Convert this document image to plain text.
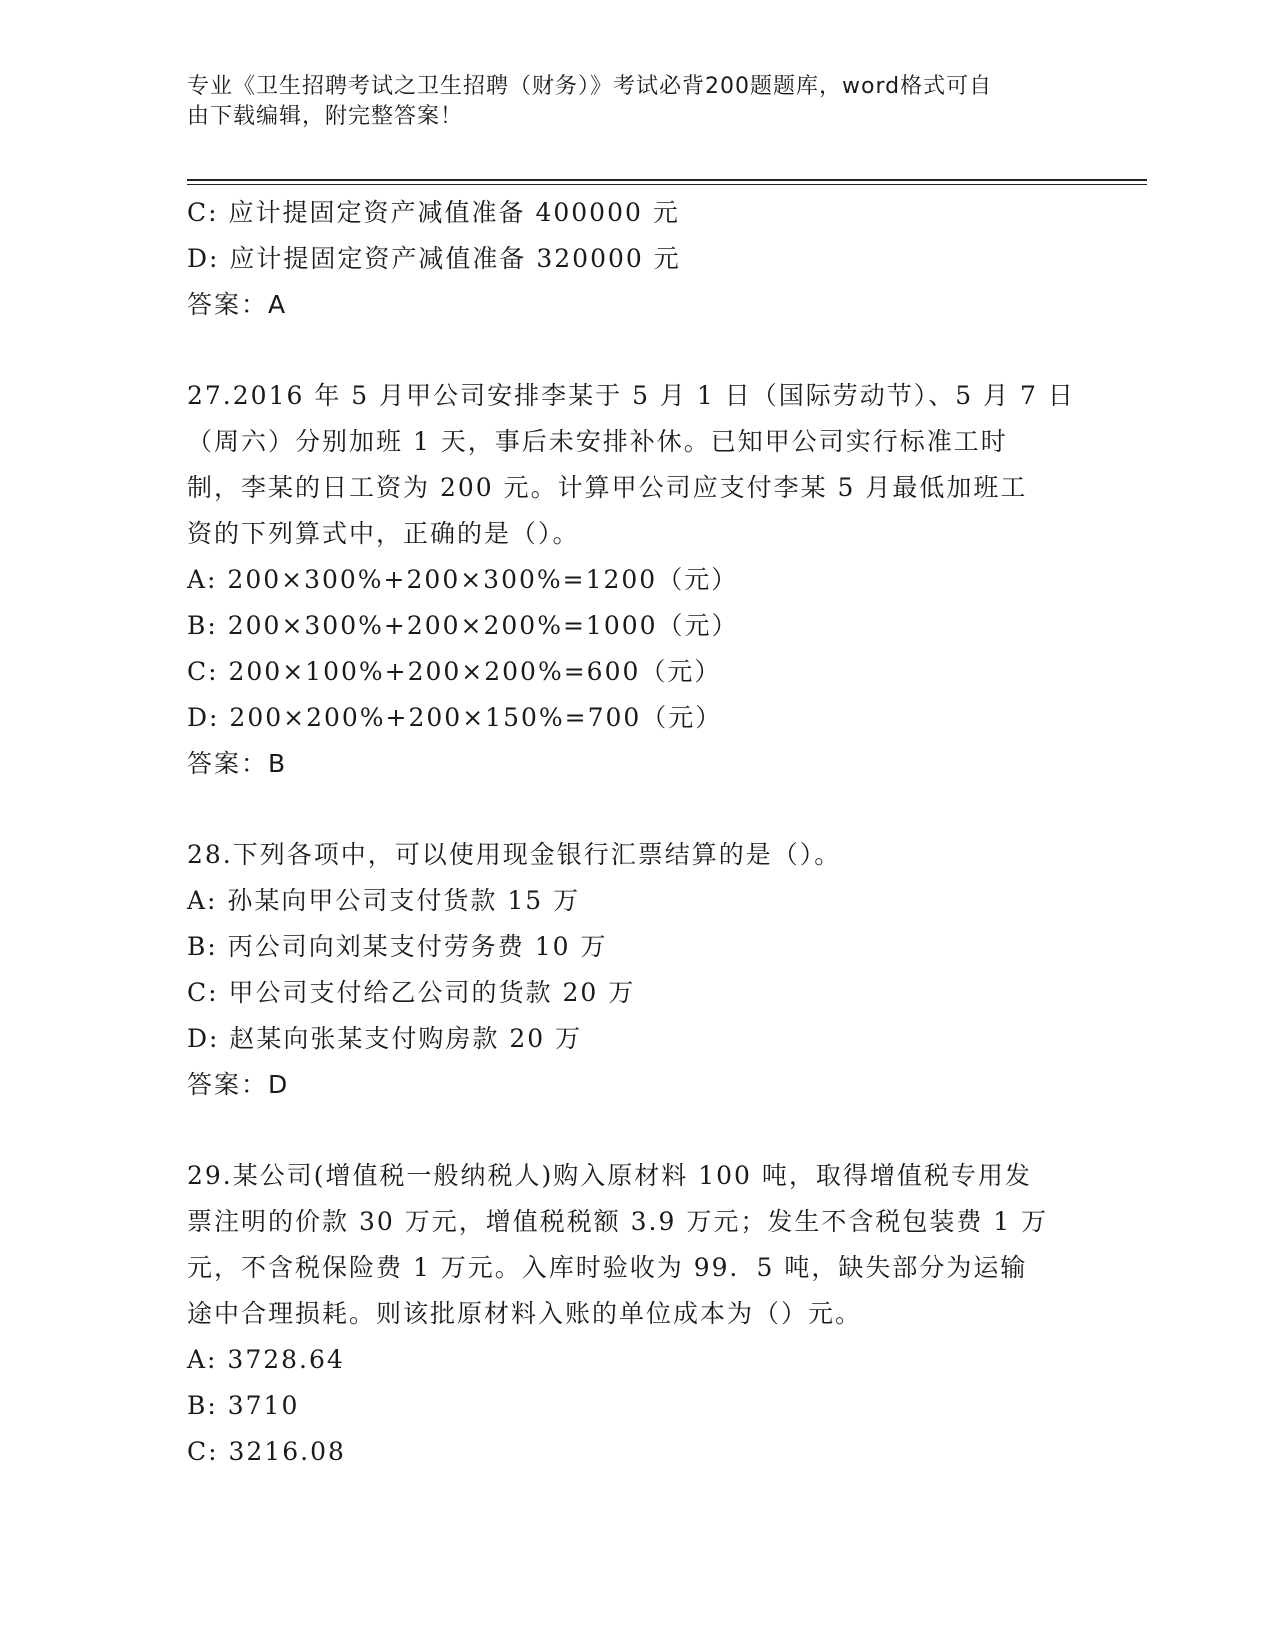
专业《卫生招聘考试之卫生招聘（财务）》考试必背200题题库，word格式可自
由下载编辑，附完整答案！
C: 应计提固定资产减值准备 400000 元
D: 应计提固定资产减值准备 320000 元
答案：A
27.2016 年 5 月甲公司安排李某于 5 月 1 日（国际劳动节）、5 月 7 日
（周六）分别加班 1 天，事后未安排补休。已知甲公司实行标准工时
制，李某的日工资为 200 元。计算甲公司应支付李某 5 月最低加班工
资的下列算式中，正确的是（）。
A: 200×300%+200×300%=1200（元）
B: 200×300%+200×200%=1000（元）
C: 200×100%+200×200%=600（元）
D: 200×200%+200×150%=700（元）
答案：B
28.下列各项中，可以使用现金银行汇票结算的是（）。
A: 孙某向甲公司支付货款 15 万
B: 丙公司向刘某支付劳务费 10 万
C: 甲公司支付给乙公司的货款 20 万
D: 赵某向张某支付购房款 20 万
答案：D
29.某公司(增值税一般纳税人)购入原材料 100 吨，取得增值税专用发
票注明的价款 30 万元，增值税税额 3.9 万元；发生不含税包装费 1 万
元，不含税保险费 1 万元。入库时验收为 99．5 吨，缺失部分为运输
途中合理损耗。则该批原材料入账的单位成本为（）元。
A: 3728.64
B: 3710
C: 3216.08
